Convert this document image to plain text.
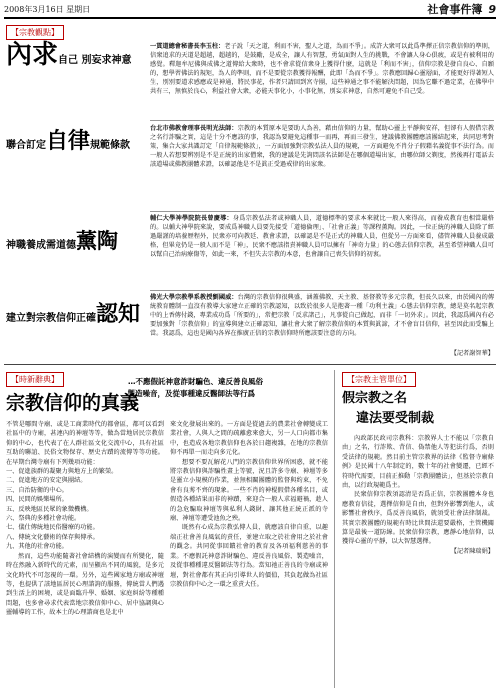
2008年3月16日 星期日	社會事件簿 9
【宗教觀點】
內求自己 別妄求神意
聯合訂定自律規範條款
神職養成需道德薰陶
建立對宗教信仰正確認知
一貫道總會秘書長李玉柱：老子說「天之道，利而不害，聖人之道，為而不爭」。成許大衆可以此爲準擇正信宗教信仰的準則，信衆追求的天道是超越，超越的，是鼓勵，是成全，讓人有智慧，勇氣面對人生的挑戰，不會讓人身心俱疲，或是有被利用的感覺。釋迦牟尼佛與成佛之道傳給大衆時，也不會求從信衆身上獲得什麼，這就是「利而不害」，信仰宗教是發自良心、自願的，想學習佛法的規矩，為人的準則，而不是要從宗教獲得報酬，此即「為而不爭」。宗教應回歸心靈層面，才能更好得著短人生，別別要道求感應或是神通，將民事花，作者只請回到宮寺團，這些神通之事不能解決問題，因為它賺不過定業，在佛學中共有三，無慎於良心，利益社會大衆，必能天事化小，小事化無，別妄求神意，自然可避免不自己受。
台北市佛教會理事長明光法師：宗教的本質原本是要助人為善，藉由信仰的力量，幫助心靈上平靜與安祥，但卻有人假借宗教之名行詐騙之實，這是十分不應該的事，我認為要避免這種事一而再，再而三發生，建議佛教團體應該團結起來，共同思考對策，集合大家共識訂定「自律規範條款」，一方面加強對宗教弘法人員的規範，一方面避免不肖分子假藉名義從事不法行為。而一般人若想要辨別是不是正統的出家僧衆，我的建議是先詢問該名法師是在哪個道場出家，由哪位師父剃度，然後再打電話去該道場或佛教團體求證，以確認他是不是眞正受過戒律的出家衆。
輔仁大學神學院院長曾慶導：身爲宗教弘法者或神職人員，道德標準的要求本來就比一般人來得高，而養成教育也相當嚴格的。以輔大神學院來說，要成爲神職人員要先接受「道德倫理」、「社會正義」等課程薰陶。因此，一位正統的神職人員除了經過嚴謹的培養歷程外，民衆亦可向教廷、教會求證，以確認是不是正式的神職人員，但從另一方面來看，儘管神職人員養成嚴格，但畢竟仍是一般人而不是「神」，民衆不應該指責神職人員可以擁有「神奇力量」的心態去信仰宗教，甚至希望神職人員可以幫自己治病療傷等，如此一來，不但失去宗教的本意，也會讓自己喪失信仰的初衷。
佛光大學宗教學系教授劉國威：台灣的宗教信仰很興盛，涵蓋佛教、天主教、基督教等多元宗教，但長久以來，由於國內的傳統教育體制一直沒有教導大家建立正確的宗教認知，以致於很多人是抱著一種「功利主義」心態去信仰宗教，總是莫名起宗教中的上香傳付錢，專業成功爲「所要的」，常把宗教「反求諸己」，凡事從自己做起，而非「一切外求」。因此，我認爲國內有必要加強對「宗教信仰」的宣導與建立正確認知，讓社會大衆了解宗教信仰的本質與眞諦，才不會盲目信仰，甚至因此而受騙上當。我認爲，這也是國內各界在推廣正信的宗教信仰時所應該要注意的方向。
【記者謝智華】
【時新辭典】	…不應假託神意詐財騙色、違反善良風俗
、製造噪音，及從事種違反醫師法等行爲
宗教信仰的真義
不管是哪間寺廟、或是工商業時代的都會區，都可以看到社區中的寺廟，甚連內的神壇等等，做為當地居民宗教信仰的中心，也代表了在人群社區文化交流中心，具有社區互助的聯誼、民俗文物保存、歷史古蹟的流傳等等功能。在早期台灣寺廟有下列幾項功能：
一、促進族群的凝聚力與地方上的繁榮。
二、促進地方的安定與團結。
三、自治防衛的中心。
四、民間的娛樂場所。
五、反映地區民眾的象徵機構。
六、祭典的多種社會功能。
七、儀仕傳統地民俗醫療的功能。
八、傳統文化藝術的保存與傳承。
九、其他的社會功能。
然而，這些功能隨著社會結構的演變而有所變化，隨時在然融入新時代的元素，而呈顯出不同的風貌，是多元文化時代不可忽視的一環。另外，這些國家地方廟或神壇等，也提供了該地區居民心理諮詢的服務，傳統當人們遇到生活上的困境，或是面臨升學、婚姻、家庭糾紛等種種問題，也多會尋求代表當地宗教信仰中心、居中協調與心靈輔導的工作，故本土的心理諮商也是北中
來文化發展出來的。一方面是從過去的農業社會轉變成工業社會，人與人之間的疏離愈來愈大，另一人口向都市集中，也造成各地宗教信仰也各於日趨複雜，在地的宗教信仰不再單一而走向多元化。
想要不要瓦解花八門的宗教信仰世界所困惑，就不能將宗教信仰與詐騙性畫上等號，況且許多寺廟、神壇等多是靈立小規模的作業，並無相關團體的監督與約束，不免會有良莠不齊的現象。一些不肖的神棍假借各種名目，或假造各種結果而非的神蹟，來迎合一般人求福避禍，趁人的急危騙取神壇等與私利人錢財、讓其他正統正派的寺廟、神壇等遭受池魚之殃。
既然有心成為宗教弘傳人員，就應該自律自重，以趣端正社會善良風氣的責任，並建立取之於社會用之於社會的觀念。共同從事回饋社會的教育及各項福利慈善的事業。不應假託神意詐財騙色、違反善良風俗、製造噪音，及從事種種違反醫師法等行為。當知祂正善良的寺廟或神壇，對社會都有其正向引導世人的價值，其負起做為社區宗教信仰中心之一環之重責大任。
【宗教主管單位】
假宗教之名
違法要受制裁
內政部民政司宗教科：宗教界人士不能以「宗教自由」之名，行詐欺、背信、偽禁他人等犯法行爲，否則受法律的規範。然目前主管宗教界的法律《監督寺廟條例》是民國十八年制定的，數十年的社會變遷，已經不符時代需要，目前正推動「宗教團體法」，但基於宗教自由，以行政規範爲主。
民衆信仰宗教須認清是否爲正信，宗教團體本身也應教育信徒，選擇信仰是自由，但對外影響到他人，或影響社會秩序，爲反善良風俗，就須受社會法律制裁。其實宗教團體的規範有時比世間法還要嚴格，主管機關算是最後一道防線。民衆信仰宗教，應靜心地信仰，以獲得心靈的平靜，以大智慧選擇。
【記者陳瑞娟】
